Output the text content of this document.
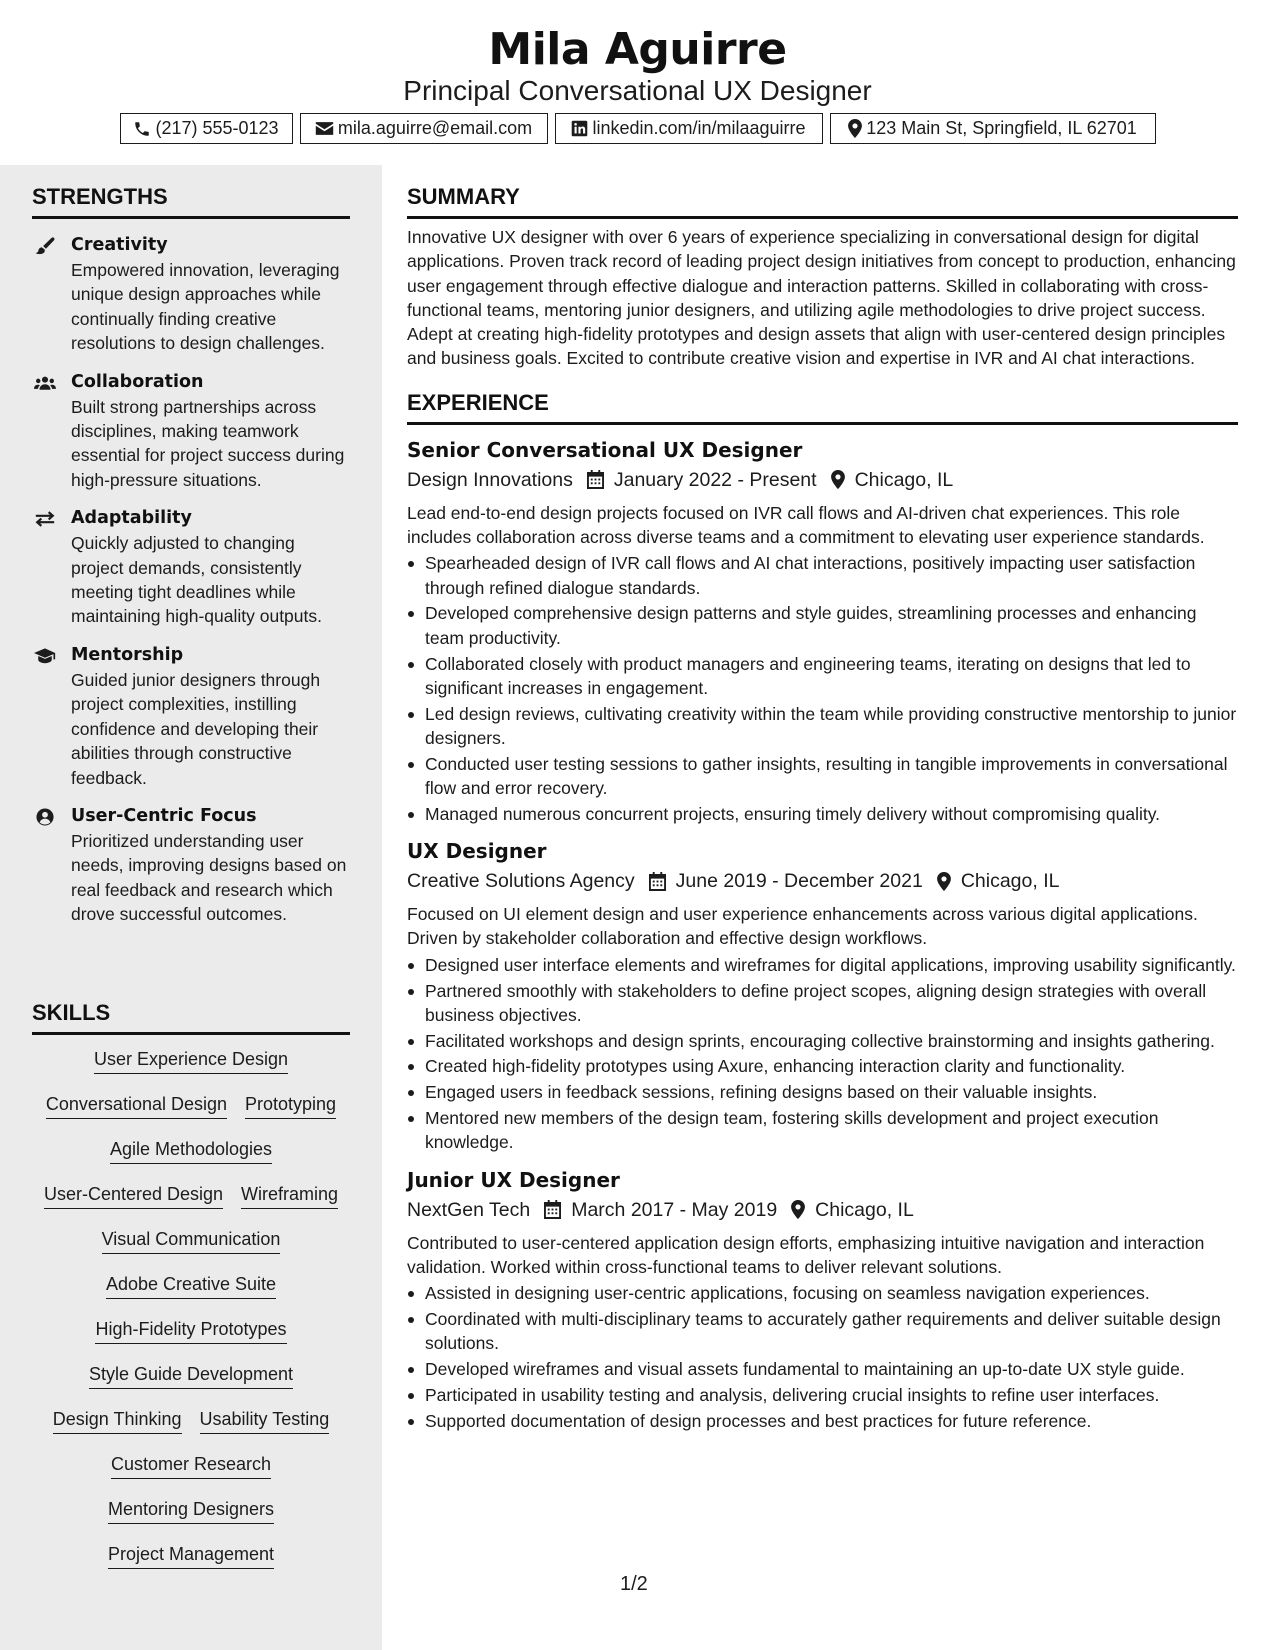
Mila Aguirre
Principal Conversational UX Designer
(217) 555-0123	mila.aguirre@email.com	linkedin.com/in/milaaguirre	123 Main St, Springfield, IL 62701
STRENGTHS
Creativity
Empowered innovation, leveraging unique design approaches while continually finding creative resolutions to design challenges.
Collaboration
Built strong partnerships across disciplines, making teamwork essential for project success during high-pressure situations.
Adaptability
Quickly adjusted to changing project demands, consistently meeting tight deadlines while maintaining high-quality outputs.
Mentorship
Guided junior designers through project complexities, instilling confidence and developing their abilities through constructive feedback.
User-Centric Focus
Prioritized understanding user needs, improving designs based on real feedback and research which drove successful outcomes.
SKILLS
User Experience Design
Conversational Design Prototyping
Agile Methodologies
User-Centered Design Wireframing
Visual Communication
Adobe Creative Suite
High-Fidelity Prototypes
Style Guide Development
Design Thinking Usability Testing
Customer Research
Mentoring Designers
Project Management
SUMMARY

Innovative UX designer with over 6 years of experience specializing in conversational design for digital applications. Proven track record of leading project design initiatives from concept to production, enhancing user engagement through effective dialogue and interaction patterns. Skilled in collaborating with cross-functional teams, mentoring junior designers, and utilizing agile methodologies to drive project success. Adept at creating high-fidelity prototypes and design assets that align with user-centered design principles and business goals. Excited to contribute creative vision and expertise in IVR and AI chat interactions.

EXPERIENCE
Senior Conversational UX Designer
Design Innovations January 2022 - Present Chicago, IL

Lead end-to-end design projects focused on IVR call flows and AI-driven chat experiences. This role includes collaboration across diverse teams and a commitment to elevating user experience standards.

Spearheaded design of IVR call flows and AI chat interactions, positively impacting user satisfaction through refined dialogue standards.
Developed comprehensive design patterns and style guides, streamlining processes and enhancing team productivity.
Collaborated closely with product managers and engineering teams, iterating on designs that led to significant increases in engagement.
Led design reviews, cultivating creativity within the team while providing constructive mentorship to junior designers.
Conducted user testing sessions to gather insights, resulting in tangible improvements in conversational flow and error recovery.
Managed numerous concurrent projects, ensuring timely delivery without compromising quality.
UX Designer
Creative Solutions Agency June 2019 - December 2021 Chicago, IL

Focused on UI element design and user experience enhancements across various digital applications. Driven by stakeholder collaboration and effective design workflows.

Designed user interface elements and wireframes for digital applications, improving usability significantly.
Partnered smoothly with stakeholders to define project scopes, aligning design strategies with overall business objectives.
Facilitated workshops and design sprints, encouraging collective brainstorming and insights gathering.
Created high-fidelity prototypes using Axure, enhancing interaction clarity and functionality.
Engaged users in feedback sessions, refining designs based on their valuable insights.
Mentored new members of the design team, fostering skills development and project execution knowledge.
Junior UX Designer
NextGen Tech March 2017 - May 2019 Chicago, IL

Contributed to user-centered application design efforts, emphasizing intuitive navigation and interaction validation. Worked within cross-functional teams to deliver relevant solutions.

Assisted in designing user-centric applications, focusing on seamless navigation experiences.
Coordinated with multi-disciplinary teams to accurately gather requirements and deliver suitable design solutions.
Developed wireframes and visual assets fundamental to maintaining an up-to-date UX style guide.
Participated in usability testing and analysis, delivering crucial insights to refine user interfaces.
Supported documentation of design processes and best practices for future reference.
1/2
